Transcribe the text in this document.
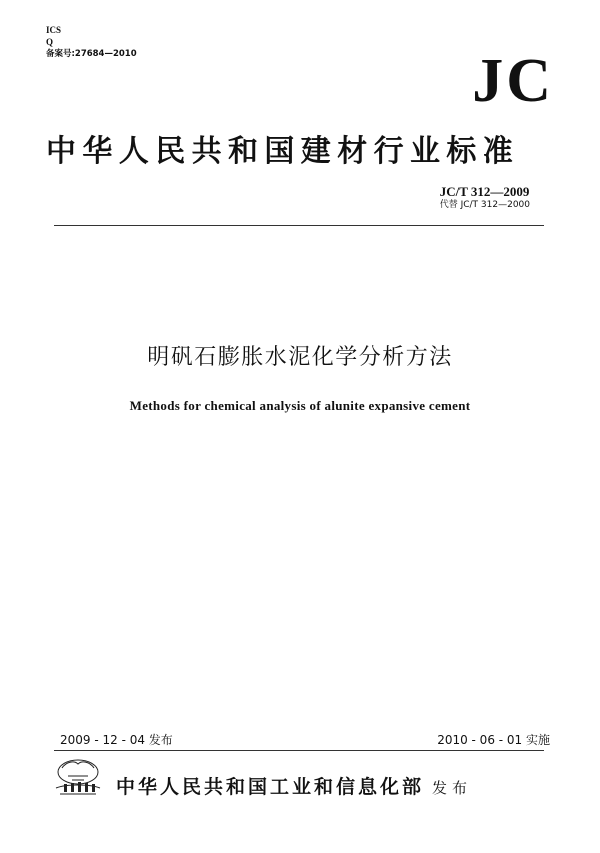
ICS
Q
备案号:27684—2010	JC
中华人民共和国建材行业标准
JC/T 312—2009
代替 JC/T 312—2000
明矾石膨胀水泥化学分析方法
Methods for chemical analysis of alunite expansive cement
2009 - 12 - 04 发布	2010 - 06 - 01 实施
中华人民共和国工业和信息化部 发布
